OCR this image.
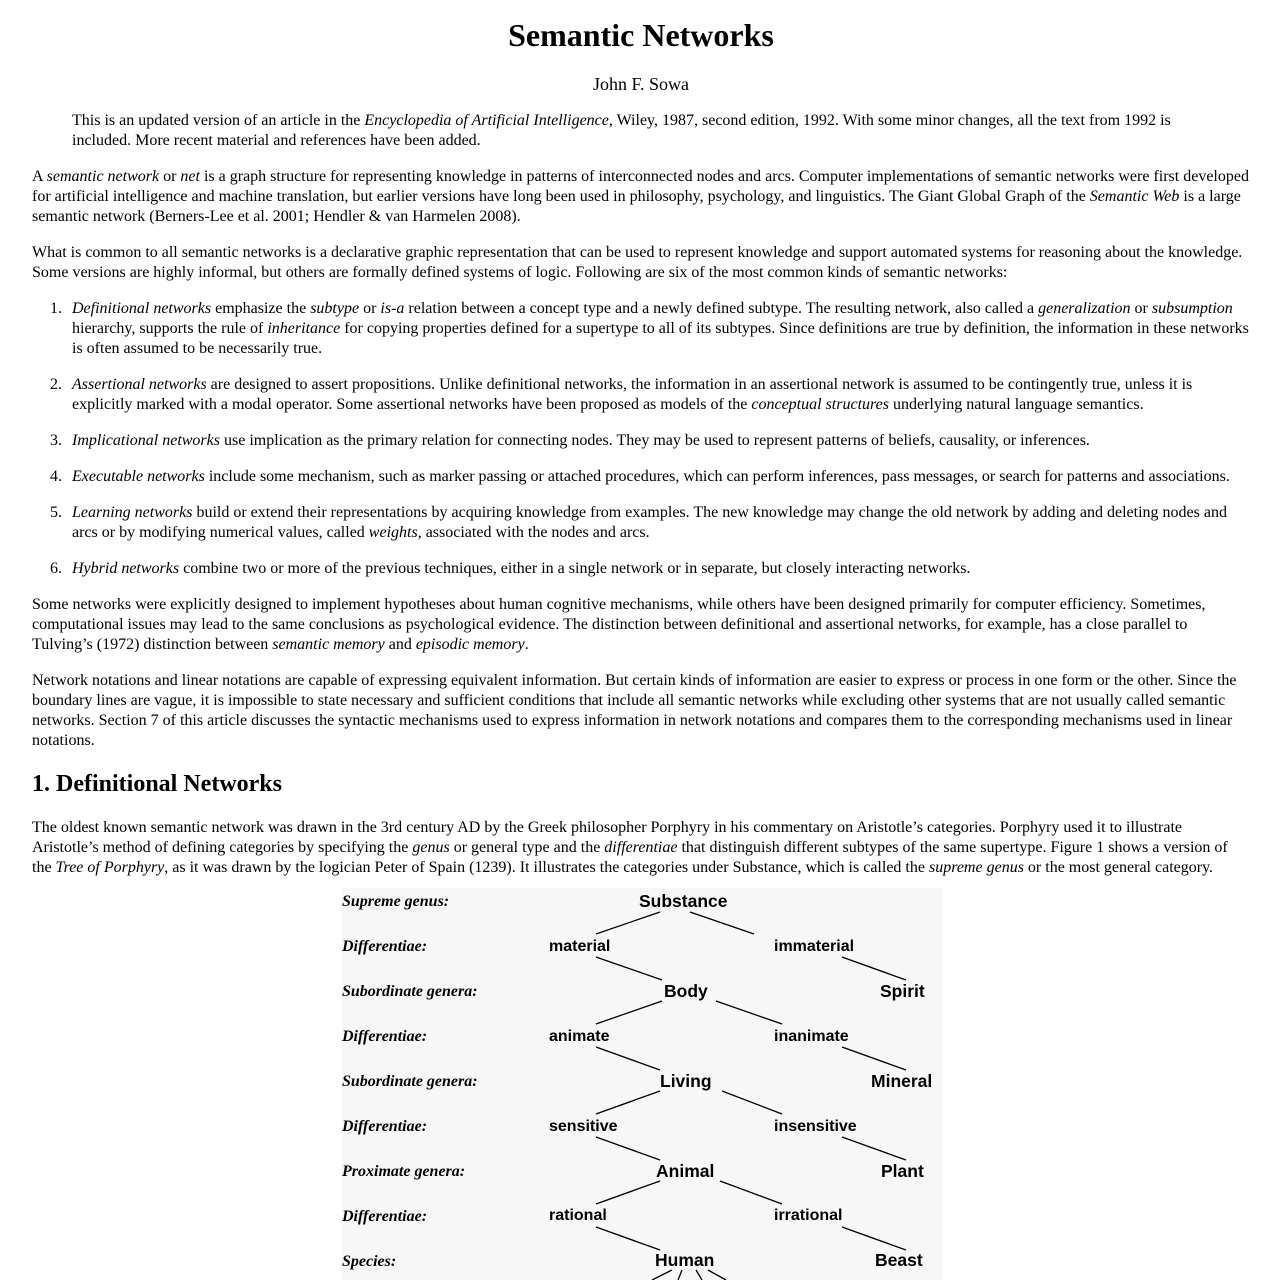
Semantic Networks
John F. Sowa
This is an updated version of an article in the Encyclopedia of Artificial Intelligence, Wiley, 1987, second edition, 1992. With some minor changes, all the text from 1992 is included. More recent material and references have been added.
A semantic network or net is a graph structure for representing knowledge in patterns of interconnected nodes and arcs. Computer implementations of semantic networks were first developed for artificial intelligence and machine translation, but earlier versions have long been used in philosophy, psychology, and linguistics. The Giant Global Graph of the Semantic Web is a large semantic network (Berners-Lee et al. 2001; Hendler & van Harmelen 2008).
What is common to all semantic networks is a declarative graphic representation that can be used to represent knowledge and support automated systems for reasoning about the knowledge. Some versions are highly informal, but others are formally defined systems of logic. Following are six of the most common kinds of semantic networks:
1. Definitional networks emphasize the subtype or is-a relation between a concept type and a newly defined subtype. The resulting network, also called a generalization or subsumption hierarchy, supports the rule of inheritance for copying properties defined for a supertype to all of its subtypes. Since definitions are true by definition, the information in these networks is often assumed to be necessarily true.
2. Assertional networks are designed to assert propositions. Unlike definitional networks, the information in an assertional network is assumed to be contingently true, unless it is explicitly marked with a modal operator. Some assertional networks have been proposed as models of the conceptual structures underlying natural language semantics.
3. Implicational networks use implication as the primary relation for connecting nodes. They may be used to represent patterns of beliefs, causality, or inferences.
4. Executable networks include some mechanism, such as marker passing or attached procedures, which can perform inferences, pass messages, or search for patterns and associations.
5. Learning networks build or extend their representations by acquiring knowledge from examples. The new knowledge may change the old network by adding and deleting nodes and arcs or by modifying numerical values, called weights, associated with the nodes and arcs.
6. Hybrid networks combine two or more of the previous techniques, either in a single network or in separate, but closely interacting networks.
Some networks were explicitly designed to implement hypotheses about human cognitive mechanisms, while others have been designed primarily for computer efficiency. Sometimes, computational issues may lead to the same conclusions as psychological evidence. The distinction between definitional and assertional networks, for example, has a close parallel to Tulving’s (1972) distinction between semantic memory and episodic memory.
Network notations and linear notations are capable of expressing equivalent information. But certain kinds of information are easier to express or process in one form or the other. Since the boundary lines are vague, it is impossible to state necessary and sufficient conditions that include all semantic networks while excluding other systems that are not usually called semantic networks. Section 7 of this article discusses the syntactic mechanisms used to express information in network notations and compares them to the corresponding mechanisms used in linear notations.
1. Definitional Networks
The oldest known semantic network was drawn in the 3rd century AD by the Greek philosopher Porphyry in his commentary on Aristotle’s categories. Porphyry used it to illustrate Aristotle’s method of defining categories by specifying the genus or general type and the differentiae that distinguish different subtypes of the same supertype. Figure 1 shows a version of the Tree of Porphyry, as it was drawn by the logician Peter of Spain (1239). It illustrates the categories under Substance, which is called the supreme genus or the most general category.
Supreme genus:
Differentiae:
Subordinate genera:
Differentiae:
Subordinate genera:
Differentiae:
Proximate genera:
Differentiae:
Species:
Substance
material	immaterial
Body	Spirit
animate	inanimate
Living	Mineral
sensitive	insensitive
Animal	Plant
rational	irrational
Human	Beast
